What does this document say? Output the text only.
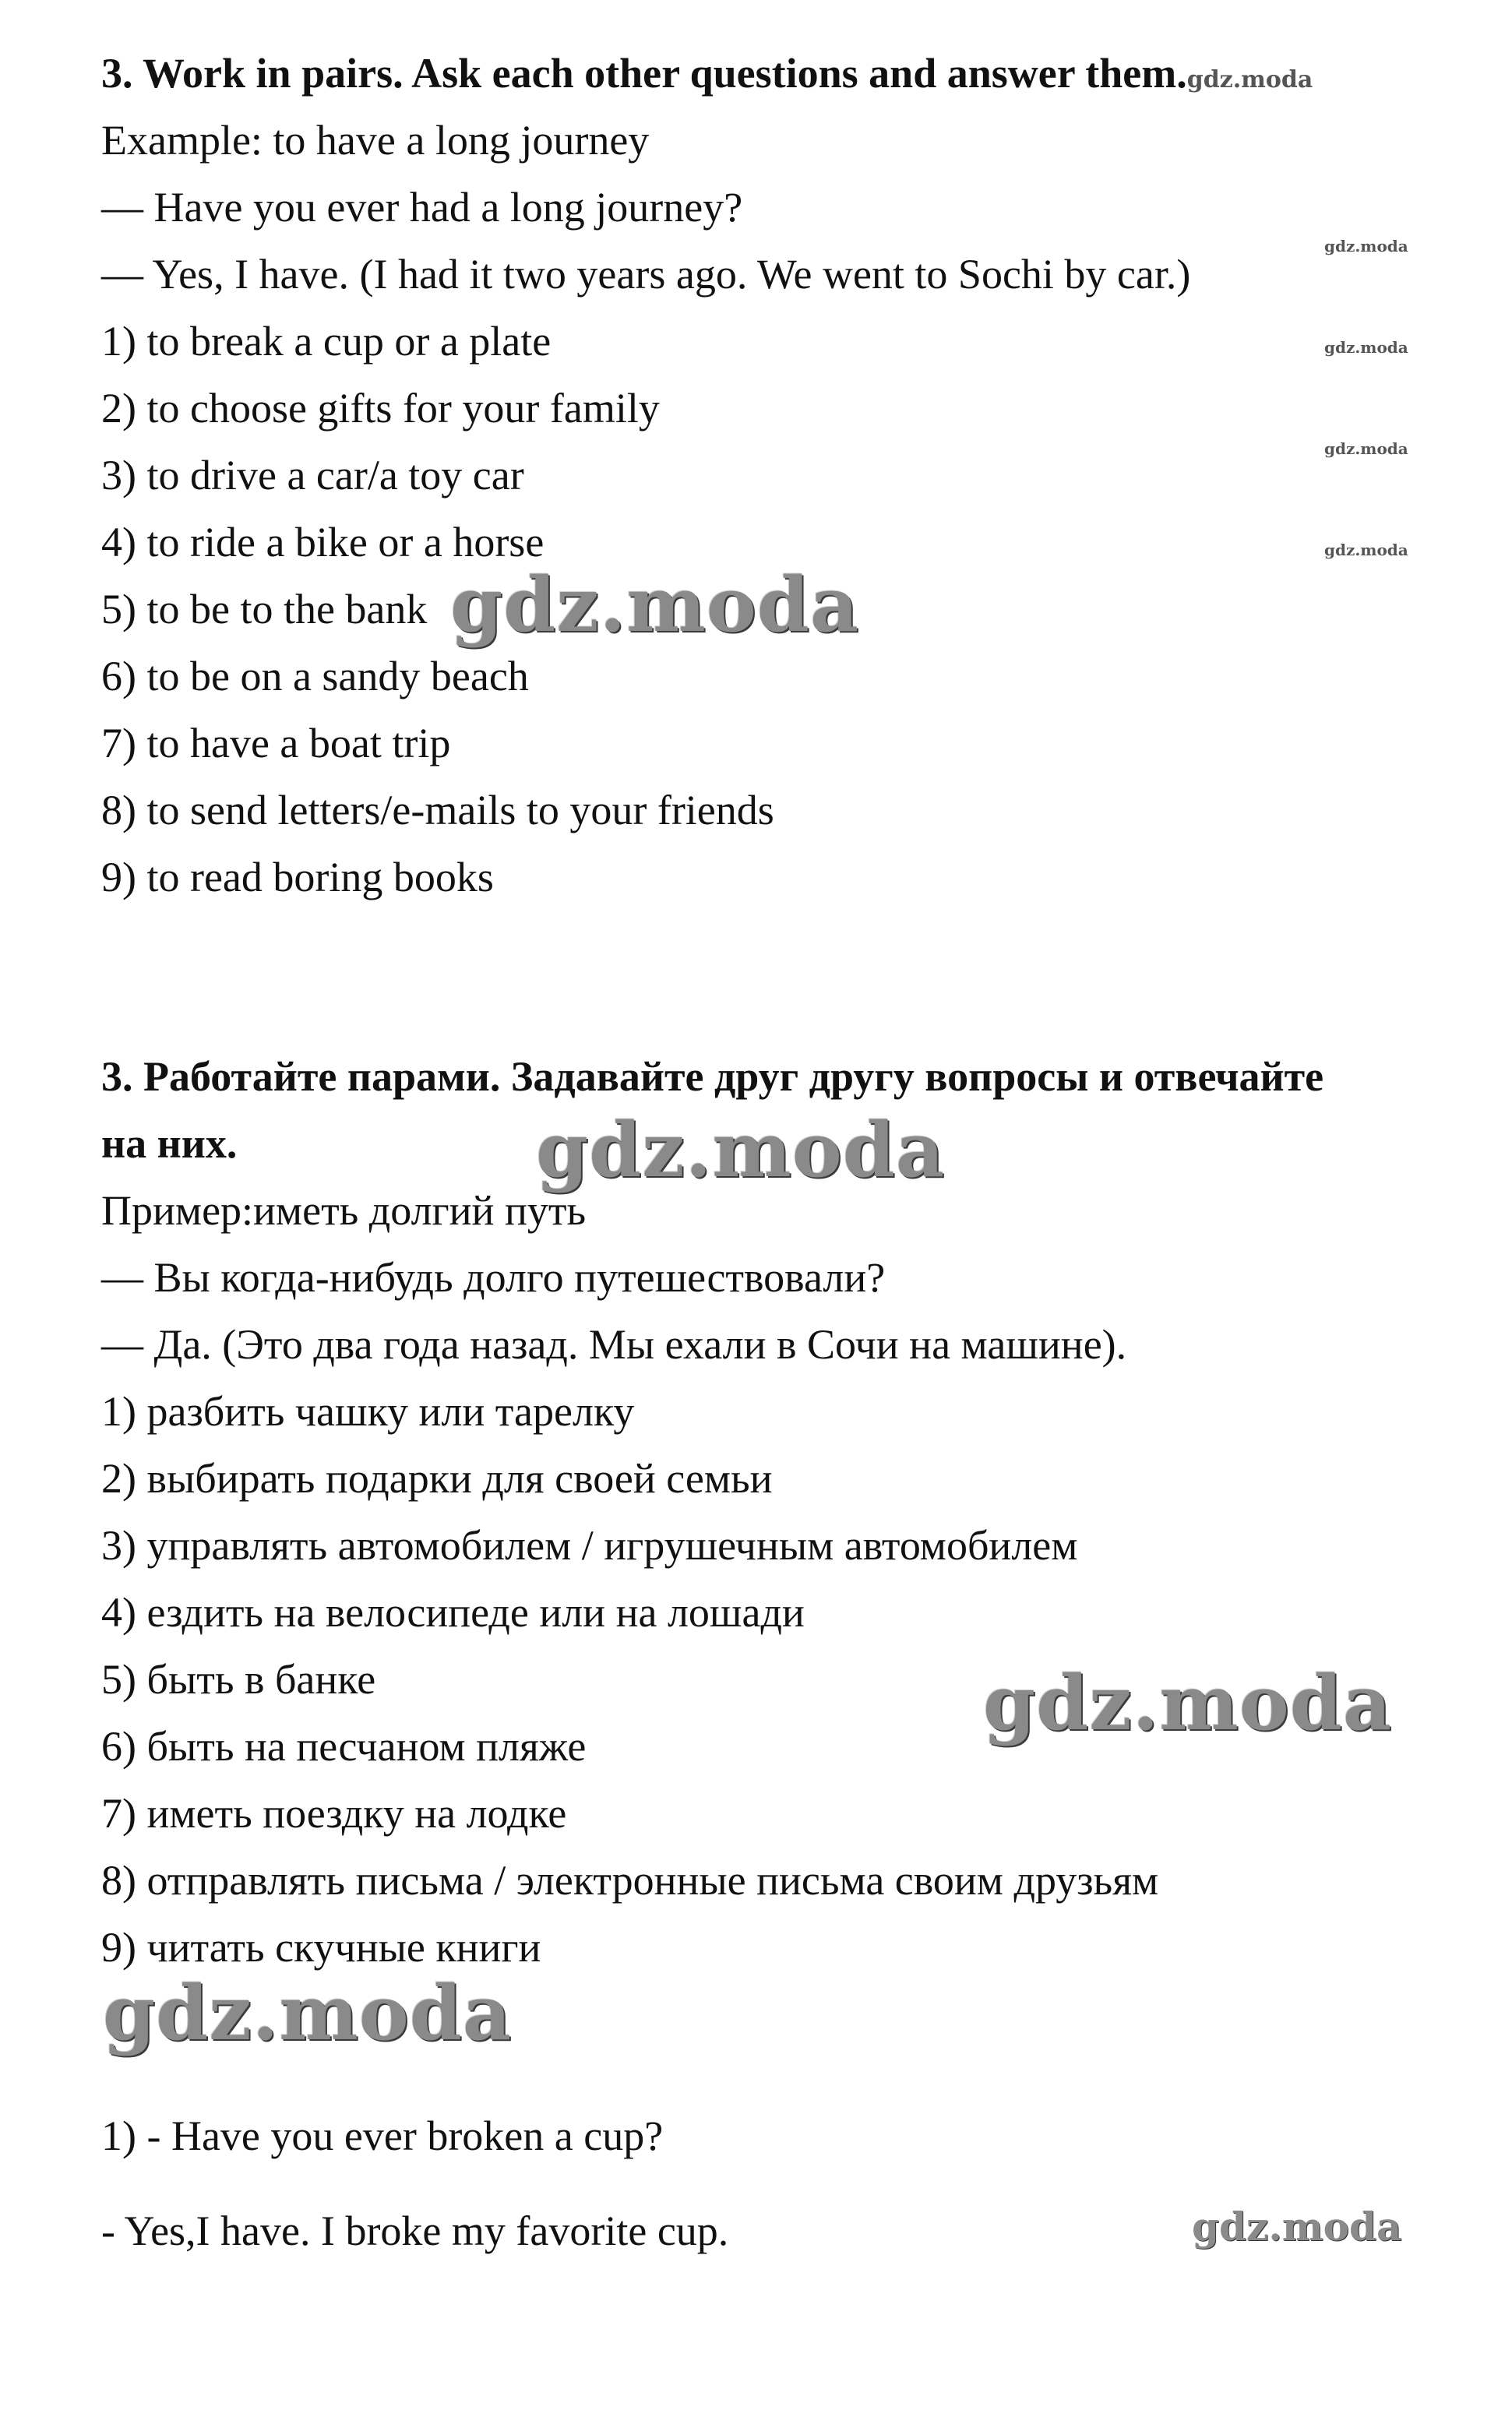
3. Work in pairs. Ask each other questions and answer them.gdz.moda
Example: to have a long journey
— Have you ever had a long journey?
— Yes, I have. (I had it two years ago. We went to Sochi by car.)
1) to break a cup or a plate
2) to choose gifts for your family
3) to drive a car/a toy car
4) to ride a bike or a horse
5) to be to the bank
6) to be on a sandy beach
7) to have a boat trip
8) to send letters/e-mails to your friends
9) to read boring books
3. Работайте парами. Задавайте друг другу вопросы и отвечайте
на них.
Пример:иметь долгий путь
— Вы когда-нибудь долго путешествовали?
— Да. (Это два года назад. Мы ехали в Сочи на машине).
1) разбить чашку или тарелку
2) выбирать подарки для своей семьи
3) управлять автомобилем / игрушечным автомобилем
4) ездить на велосипеде или на лошади
5) быть в банке
6) быть на песчаном пляже
7) иметь поездку на лодке
8) отправлять письма / электронные письма своим друзьям
9) читать скучные книги
1) - Have you ever broken a cup?
- Yes,I have. I broke my favorite cup.
gdz.moda
gdz.moda
gdz.moda
gdz.moda
gdz.moda
gdz.moda
gdz.moda
gdz.moda
gdz.moda
